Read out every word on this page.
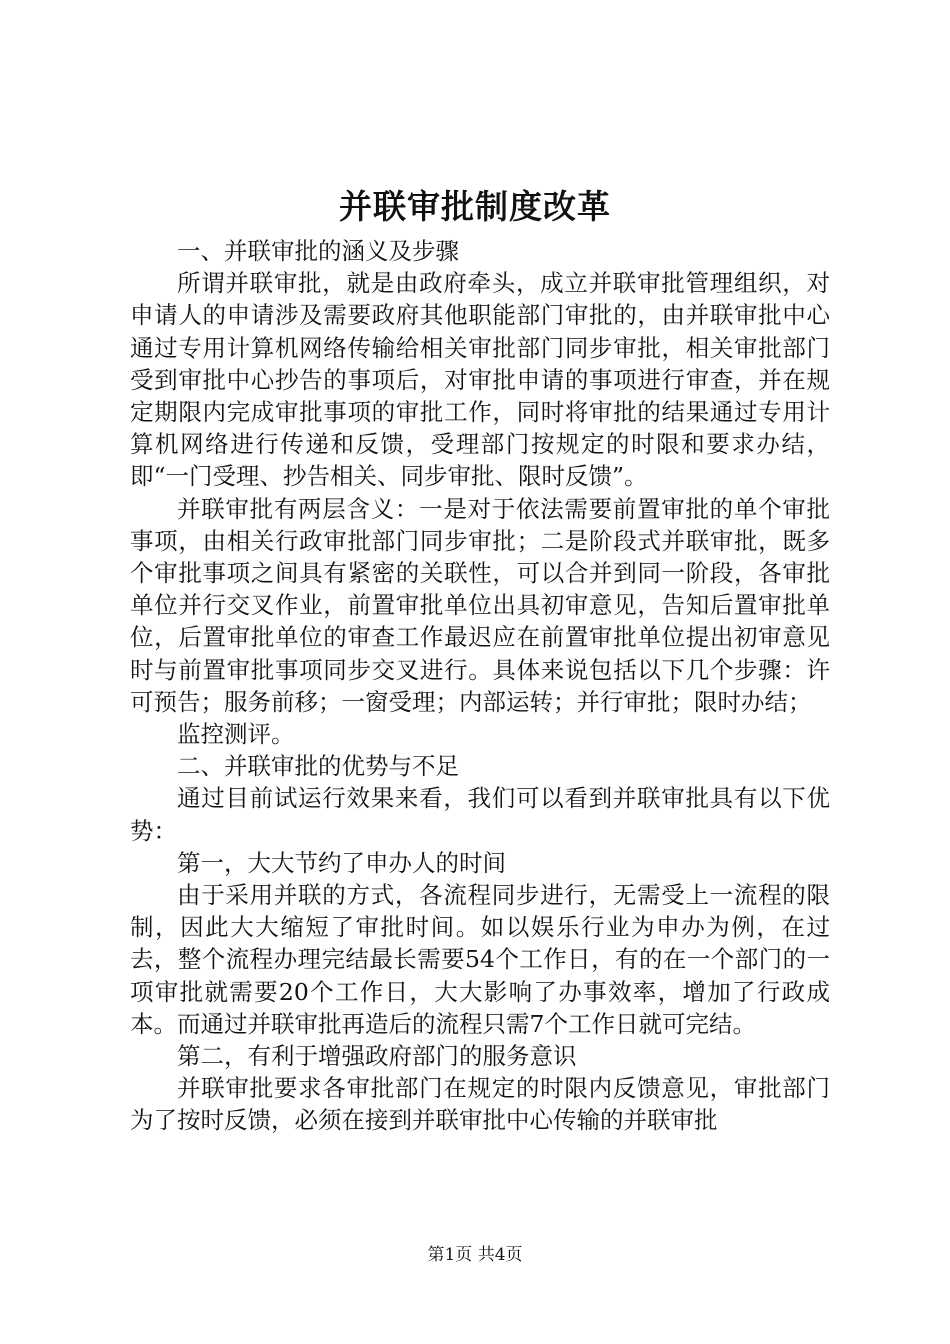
并联审批制度改革

一、并联审批的涵义及步骤

所谓并联审批，就是由政府牵头，成立并联审批管理组织，对申请人的申请涉及需要政府其他职能部门审批的，由并联审批中心通过专用计算机网络传输给相关审批部门同步审批，相关审批部门受到审批中心抄告的事项后，对审批申请的事项进行审查，并在规定期限内完成审批事项的审批工作，同时将审批的结果通过专用计算机网络进行传递和反馈，受理部门按规定的时限和要求办结，即“一门受理、抄告相关、同步审批、限时反馈”。

并联审批有两层含义：一是对于依法需要前置审批的单个审批事项，由相关行政审批部门同步审批；二是阶段式并联审批，既多个审批事项之间具有紧密的关联性，可以合并到同一阶段，各审批单位并行交叉作业，前置审批单位出具初审意见，告知后置审批单位，后置审批单位的审查工作最迟应在前置审批单位提出初审意见时与前置审批事项同步交叉进行。具体来说包括以下几个步骤：许可预告；服务前移；一窗受理；内部运转；并行审批；限时办结；

监控测评。

二、并联审批的优势与不足

通过目前试运行效果来看，我们可以看到并联审批具有以下优势：

第一，大大节约了申办人的时间

由于采用并联的方式，各流程同步进行，无需受上一流程的限制，因此大大缩短了审批时间。如以娱乐行业为申办为例，在过去，整个流程办理完结最长需要54个工作日，有的在一个部门的一项审批就需要20个工作日，大大影响了办事效率，增加了行政成本。而通过并联审批再造后的流程只需7个工作日就可完结。

第二，有利于增强政府部门的服务意识

并联审批要求各审批部门在规定的时限内反馈意见，审批部门为了按时反馈，必须在接到并联审批中心传输的并联审批

第1页 共4页
